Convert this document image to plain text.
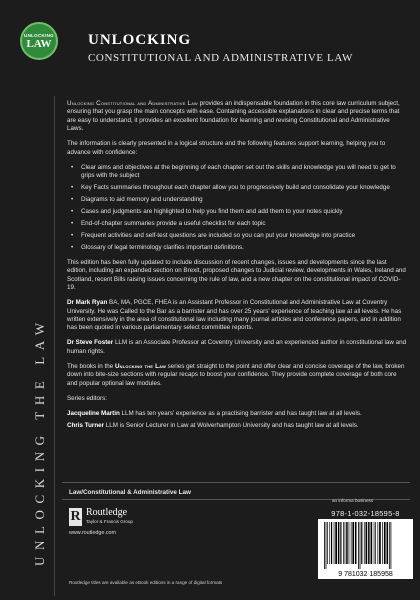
UNLOCKING
LAW UNLOCKING
CONSTITUTIONAL AND ADMINISTRATIVE LAW
UNLOCKING THE LAW

Unlocking Constitutional and Administrative Law provides an indispensable foundation in this core law curriculum subject, ensuring that you grasp the main concepts with ease. Containing accessible explanations in clear and precise terms that are easy to understand, it provides an excellent foundation for learning and revising Constitutional and Administrative Laws.

The information is clearly presented in a logical structure and the following features support learning, helping you to advance with confidence:

• Clear aims and objectives at the beginning of each chapter set out the skills and knowledge you will need to get to grips with the subject
• Key Facts summaries throughout each chapter allow you to progressively build and consolidate your knowledge
• Diagrams to aid memory and understanding
• Cases and judgments are highlighted to help you find them and add them to your notes quickly
• End-of-chapter summaries provide a useful checklist for each topic
• Frequent activities and self-test questions are included so you can put your knowledge into practice
• Glossary of legal terminology clarifies important definitions.

This edition has been fully updated to include discussion of recent changes, issues and developments since the last edition, including an expanded section on Brexit, proposed changes to Judicial review, developments in Wales, Ireland and Scotland, recent Bills raising issues concerning the rule of law, and a new chapter on the constitutional impact of COVID-19.

Dr Mark Ryan BA, MA, PGCE, FHEA is an Assistant Professor in Constitutional and Administrative Law at Coventry University. He was Called to the Bar as a barrister and has over 25 years' experience of teaching law at all levels. He has written extensively in the area of constitutional law including many journal articles and conference papers, and in addition has been quoted in various parliamentary select committee reports.

Dr Steve Foster LLM is an Associate Professor at Coventry University and an experienced author in constitutional law and human rights.

The books in the Unlocking the Law series get straight to the point and offer clear and concise coverage of the law, broken down into bite-size sections with regular recaps to boost your confidence. They provide complete coverage of both core and popular optional law modules.

Series editors:

Jacqueline Martin LLM has ten years' experience as a practising barrister and has taught law at all levels.

Chris Turner LLM is Senior Lecturer in Law at Wolverhampton University and has taught law at all levels.

Law/Constitutional & Administrative Law
an informa business
R Routledge
Taylor & Francis Group
www.routledge.com
978-1-032-18595-8
9 781032 185958
Routledge titles are available as eBook editions in a range of digital formats
